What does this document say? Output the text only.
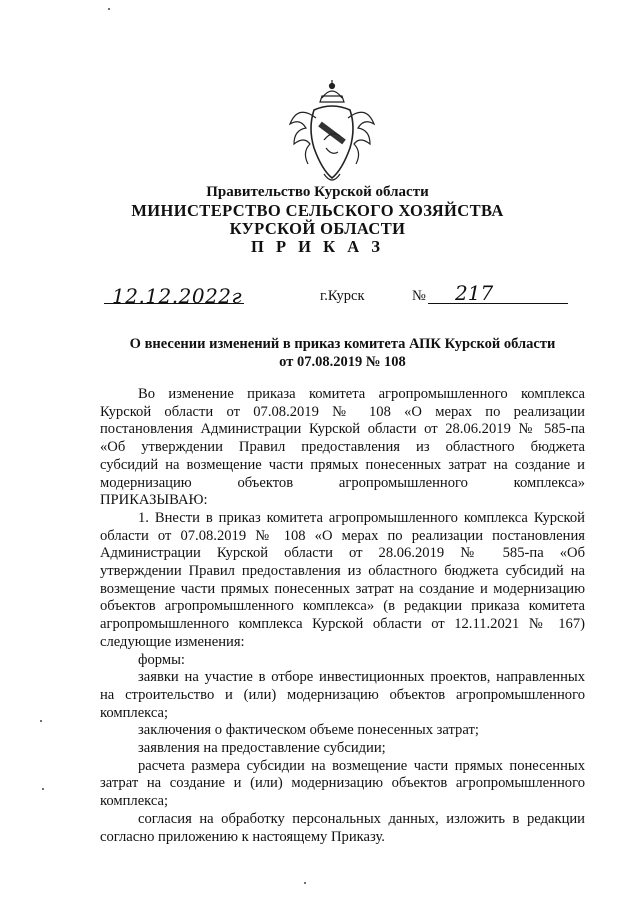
Правительство Курской области
МИНИСТЕРСТВО СЕЛЬСКОГО ХОЗЯЙСТВА
КУРСКОЙ ОБЛАСТИ
П Р И К А З
12.12.2022г	г.Курск	№ 217
О внесении изменений в приказ комитета АПК Курской области
от 07.08.2019 № 108

Во изменение приказа комитета агропромышленного комплекса

Курской области от 07.08.2019 № 108 «О мерах по реализации

постановления Администрации Курской области от 28.06.2019 № 585-па

«Об утверждении Правил предоставления из областного бюджета

субсидий на возмещение части прямых понесенных затрат на создание и

модернизацию объектов агропромышленного комплекса»

ПРИКАЗЫВАЮ:

1. Внести в приказ комитета агропромышленного комплекса Курской

области от 07.08.2019 № 108 «О мерах по реализации постановления

Администрации Курской области от 28.06.2019 № 585-па «Об

утверждении Правил предоставления из областного бюджета субсидий на

возмещение части прямых понесенных затрат на создание и модернизацию

объектов агропромышленного комплекса» (в редакции приказа комитета

агропромышленного комплекса Курской области от 12.11.2021 № 167)

следующие изменения:

формы:

заявки на участие в отборе инвестиционных проектов, направленных

на строительство и (или) модернизацию объектов агропромышленного

комплекса;

заключения о фактическом объеме понесенных затрат;

заявления на предоставление субсидии;

расчета размера субсидии на возмещение части прямых понесенных

затрат на создание и (или) модернизацию объектов агропромышленного

комплекса;

согласия на обработку персональных данных, изложить в редакции

согласно приложению к настоящему Приказу.
